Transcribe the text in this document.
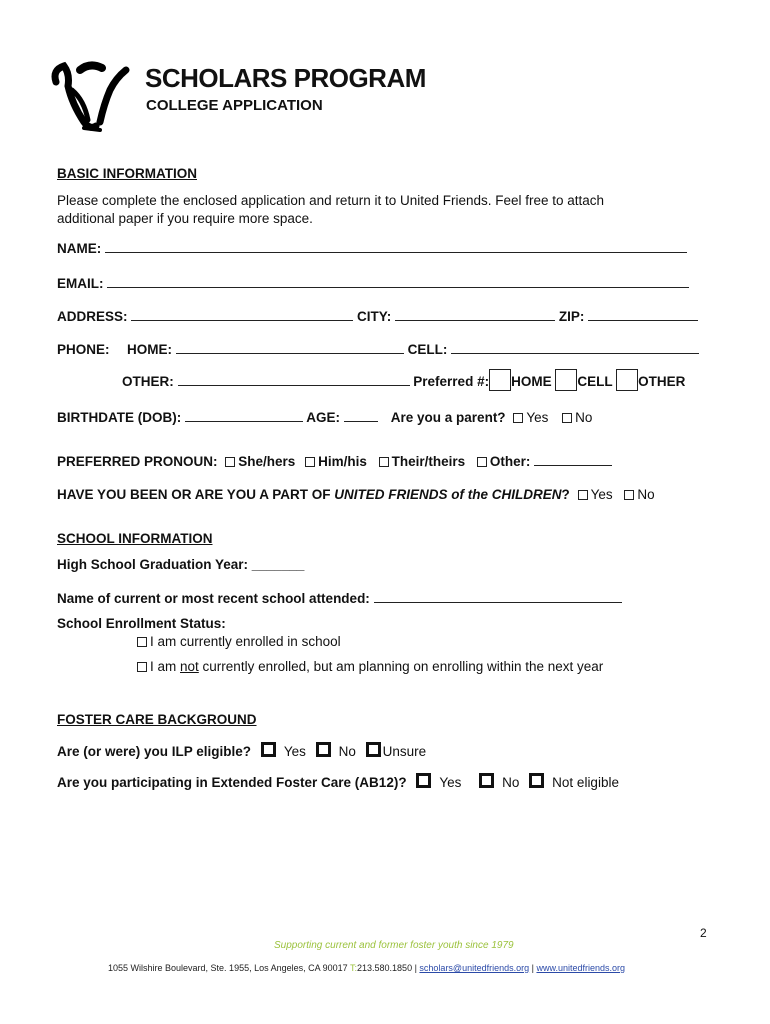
SCHOLARS PROGRAM
COLLEGE APPLICATION
BASIC INFORMATION
Please complete the enclosed application and return it to United Friends. Feel free to attach
additional paper if you require more space.
NAME:
EMAIL:
ADDRESS:	CITY:	ZIP:
PHONE: HOME:	CELL:
OTHER:	Preferred #: HOME CELL OTHER
BIRTHDATE (DOB):	AGE:	Are you a parent? Yes No
PREFERRED PRONOUN: She/hers Him/his Their/theirs Other:
HAVE YOU BEEN OR ARE YOU A PART OF UNITED FRIENDS of the CHILDREN? Yes No
SCHOOL INFORMATION
High School Graduation Year: _______
Name of current or most recent school attended:
School Enrollment Status:
I am currently enrolled in school
I am not currently enrolled, but am planning on enrolling within the next year
FOSTER CARE BACKGROUND
Are (or were) you ILP eligible? Yes No Unsure
Are you participating in Extended Foster Care (AB12)? Yes	No Not eligible
2
Supporting current and former foster youth since 1979
1055 Wilshire Boulevard, Ste. 1955, Los Angeles, CA 90017 T:213.580.1850 | scholars@unitedfriends.org | www.unitedfriends.org
